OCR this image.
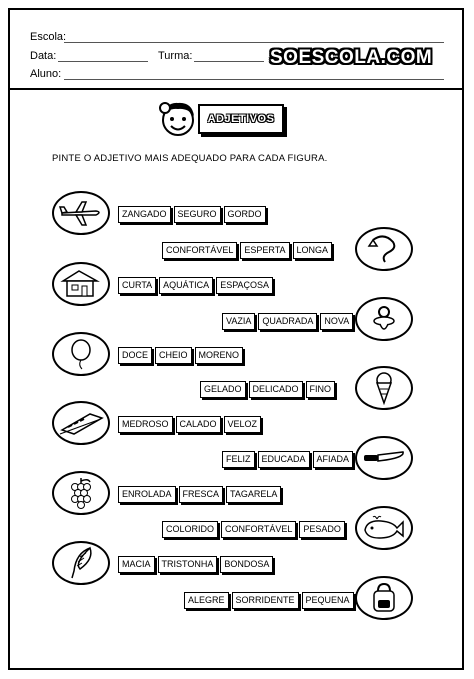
Escola:
Data:	Turma:
Aluno:
SOESCOLA.COM
ADJETIVOS
PINTE O ADJETIVO MAIS ADEQUADO PARA CADA FIGURA.
ZANGADO	SEGURO	GORDO
CONFORTÁVEL	ESPERTA	LONGA
CURTA	AQUÁTICA	ESPAÇOSA
VAZIA	QUADRADA	NOVA
DOCE	CHEIO	MORENO
GELADO	DELICADO	FINO
MEDROSO	CALADO	VELOZ
FELIZ	EDUCADA	AFIADA
ENROLADA	FRESCA	TAGARELA
COLORIDO	CONFORTÁVEL	PESADO
MACIA	TRISTONHA	BONDOSA
ALEGRE	SORRIDENTE	PEQUENA
